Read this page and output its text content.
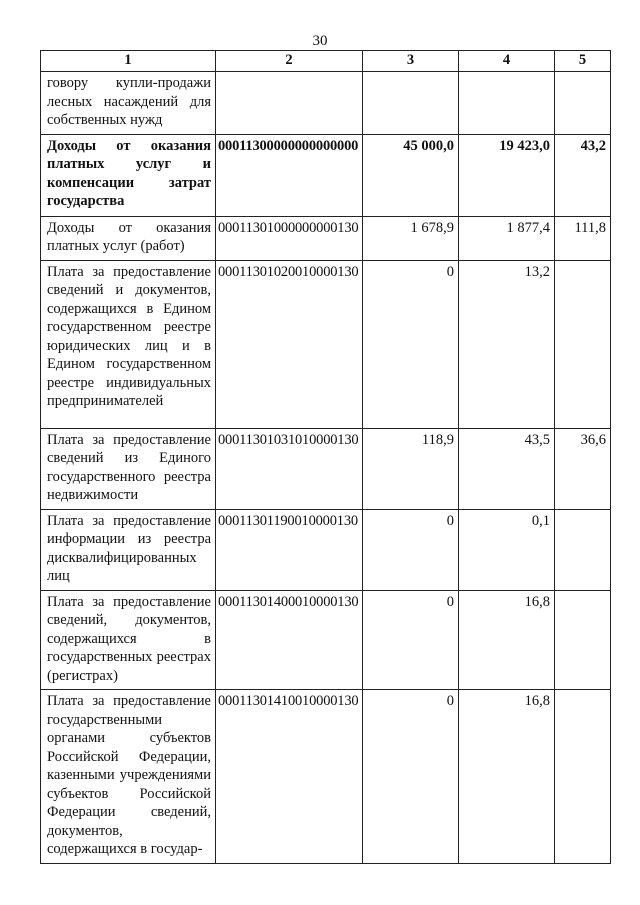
30
1	2	3	4	5
говору купли-продажи лесных насаждений для собственных нужд				
Доходы от оказания платных услуг и компенсации затрат государства	00011300000000000000	45 000,0	19 423,0	43,2
Доходы от оказания платных услуг (работ)	00011301000000000130	1 678,9	1 877,4	111,8
Плата за предоставление сведений и документов, содержащихся в Едином государственном реестре юридических лиц и в Едином государственном реестре индивидуальных предпринимателей	00011301020010000130	0	13,2	
Плата за предоставление сведений из Единого государственного реестра недвижимости	00011301031010000130	118,9	43,5	36,6
Плата за предоставление информации из реестра дисквалифицированных лиц	00011301190010000130	0	0,1	
Плата за предоставление сведений, документов, содержащихся в государственных реестрах (регистрах)	00011301400010000130	0	16,8	
Плата за предоставление государственными органами субъектов Российской Федерации, казенными учреждениями субъектов Российской Федерации сведений, документов, содержащихся в государ-	00011301410010000130	0	16,8	
